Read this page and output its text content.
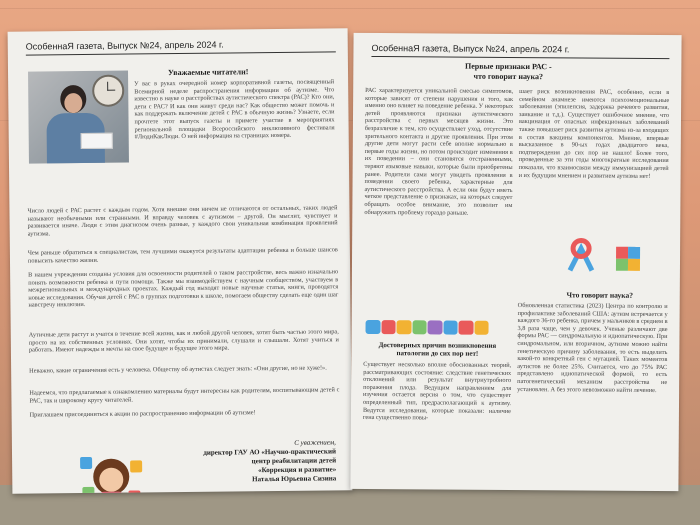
ОсобеннаЯ газета, Выпуск №24, апрель 2024 г.
Уважаемые читатели!
У вас в руках очередной номер корпоративной газеты, посвященный Всемирной неделе распространения информации об аутизме. Что известно в науке о расстройствах аутистического спектра (РАС)? Кто они, дети с РАС? И как они живут среди нас? Как общество может помочь и как поддержать включение детей с РАС в обычную жизнь? Узнаете, если прочтете этот выпуск газеты и примете участие в мероприятиях региональной площадки Всероссийского инклюзивного фестиваля #ЛюдиКакЛюди. О ней информация на страницах номера.
Число людей с РАС растет с каждым годом. Хотя внешне они ничем не отличаются от остальных, таких людей называют необычными или странными. И вправду человек с аутизмом – другой. Он мыслит, чувствует и развивается иначе. Люди с этим диагнозом очень разные, у каждого свои уникальная комбинация проявлений аутизма.
Чем раньше обратиться к специалистам, тем лучшими окажутся результаты адаптации ребенка и больше шансов повысить качество жизни.
В нашем учреждении созданы условия для освоенности родителей о таком расстройстве, весь важно изначально понять возможности ребенка и пути помощи. Также мы взаимодействуем с научным сообществом, участвуем в межрегиональных и международных проектах. Каждый год выходят новые научные статьи, книги, проводятся новые исследования. Обучая детей с РАС в группах подготовки к школе, помогаем обществу сделать еще один шаг навстречу инклюзии.
Аутичные дети растут и учатся в течение всей жизни, как и любой другой человек, хотят быть частью этого мира, просто на их собственных условиях. Они хотят, чтобы их принимали, слушали и слышали. Хотят учиться и работать. Имеют надежды и мечты на свое будущее и будущее этого мира.
Неважно, какие ограничения есть у человека. Обществу об аутистах следует знать: «Они другие, но не хуже!».
Надеемся, что предлагаемые к ознакомлению материалы будут интересны как родителям, воспитывающим детей с РАС, так и широкому кругу читателей.
Приглашаем присоединиться к акции по распространению информации об аутизме!
С уважением,
директор ГАУ АО «Научно-практический
центр реабилитации детей
«Коррекция и развитие»
Наталья Юрьевна Сизина
ОсобеннаЯ газета, Выпуск №24, апрель 2024 г.
Первые признаки РАС -
что говорит наука?
РАС характеризуется уникальной смесью симптомов, которые зависят от степени нарушения и того, как именно оно влияет на поведение ребенка. У некоторых детей проявляются признаки аутистического расстройства с первых месяцев жизни. Это безразличие к тем, кто осуществляет уход, отсутствие зрительного контакта и другие проявления. При этом другие дети могут расти себе вполне нормально в первые годы жизни, но потом происходит изменения в их поведении – они становятся отстраненными, теряют языковые навыки, которые были приобретены ранее. Родители сами могут увидеть проявления в поведении своего ребенка, характерные для аутистического расстройства. А если они будут иметь четкое представление о признаках, на которых следует обращать особое внимание, это позволит им обнаружить проблему гораздо раньше.
Достоверных причин возникновения патологии до сих пор нет!
Существует несколько вполне обоснованных теорий, рассматривающих состояние: следствие генетических отклонений или результат внутриутробного поражения плода. Ведущим направлением для изучения остается версия о том, что существует определенный тип, предрасполагающий к аутизму. Ведутся исследования, которые показали: наличие гена существенно повы-
шает риск возникновения РАС, особенно, если в семейном анамнезе имеются психоэмоциональные заболевания (эпилепсия, задержка речевого развития, заикание и т.д.). Существует ошибочное мнение, что вакцинация от опасных инфекционных заболеваний также повышает риск развития аутизма из-за входящих в состав вакцины компонентов. Мнение, впервые высказанное в 90-ых годах двадцатого века, подтверждения до сих пор не нашло! Более того, проведенные за эти годы многократные исследования показали, что взаимосвязи между иммунизацией детей и их будущим мнением и развитием аутизма нет!
Что говорит наука?
Обновленная статистика (2023) Центра по контролю и профилактике заболеваний США: аутизм встречается у каждого 36-го ребенка, причем у мальчиков в среднем в 3,8 раза чаще, чем у девочек. Ученые различают две формы РАС — синдромальную и идиопатическую. При синдромальном, или вторичном, аутизме можно найти генетическую причину заболевания, то есть выделить какой-то конкретный ген с мутацией. Таких моментов аутистов не более 25%. Считается, что до 75% РАС представлено идиопатической формой, то есть патогенетический механизм расстройства не установлен. А без этого невозможно найти лечение.
